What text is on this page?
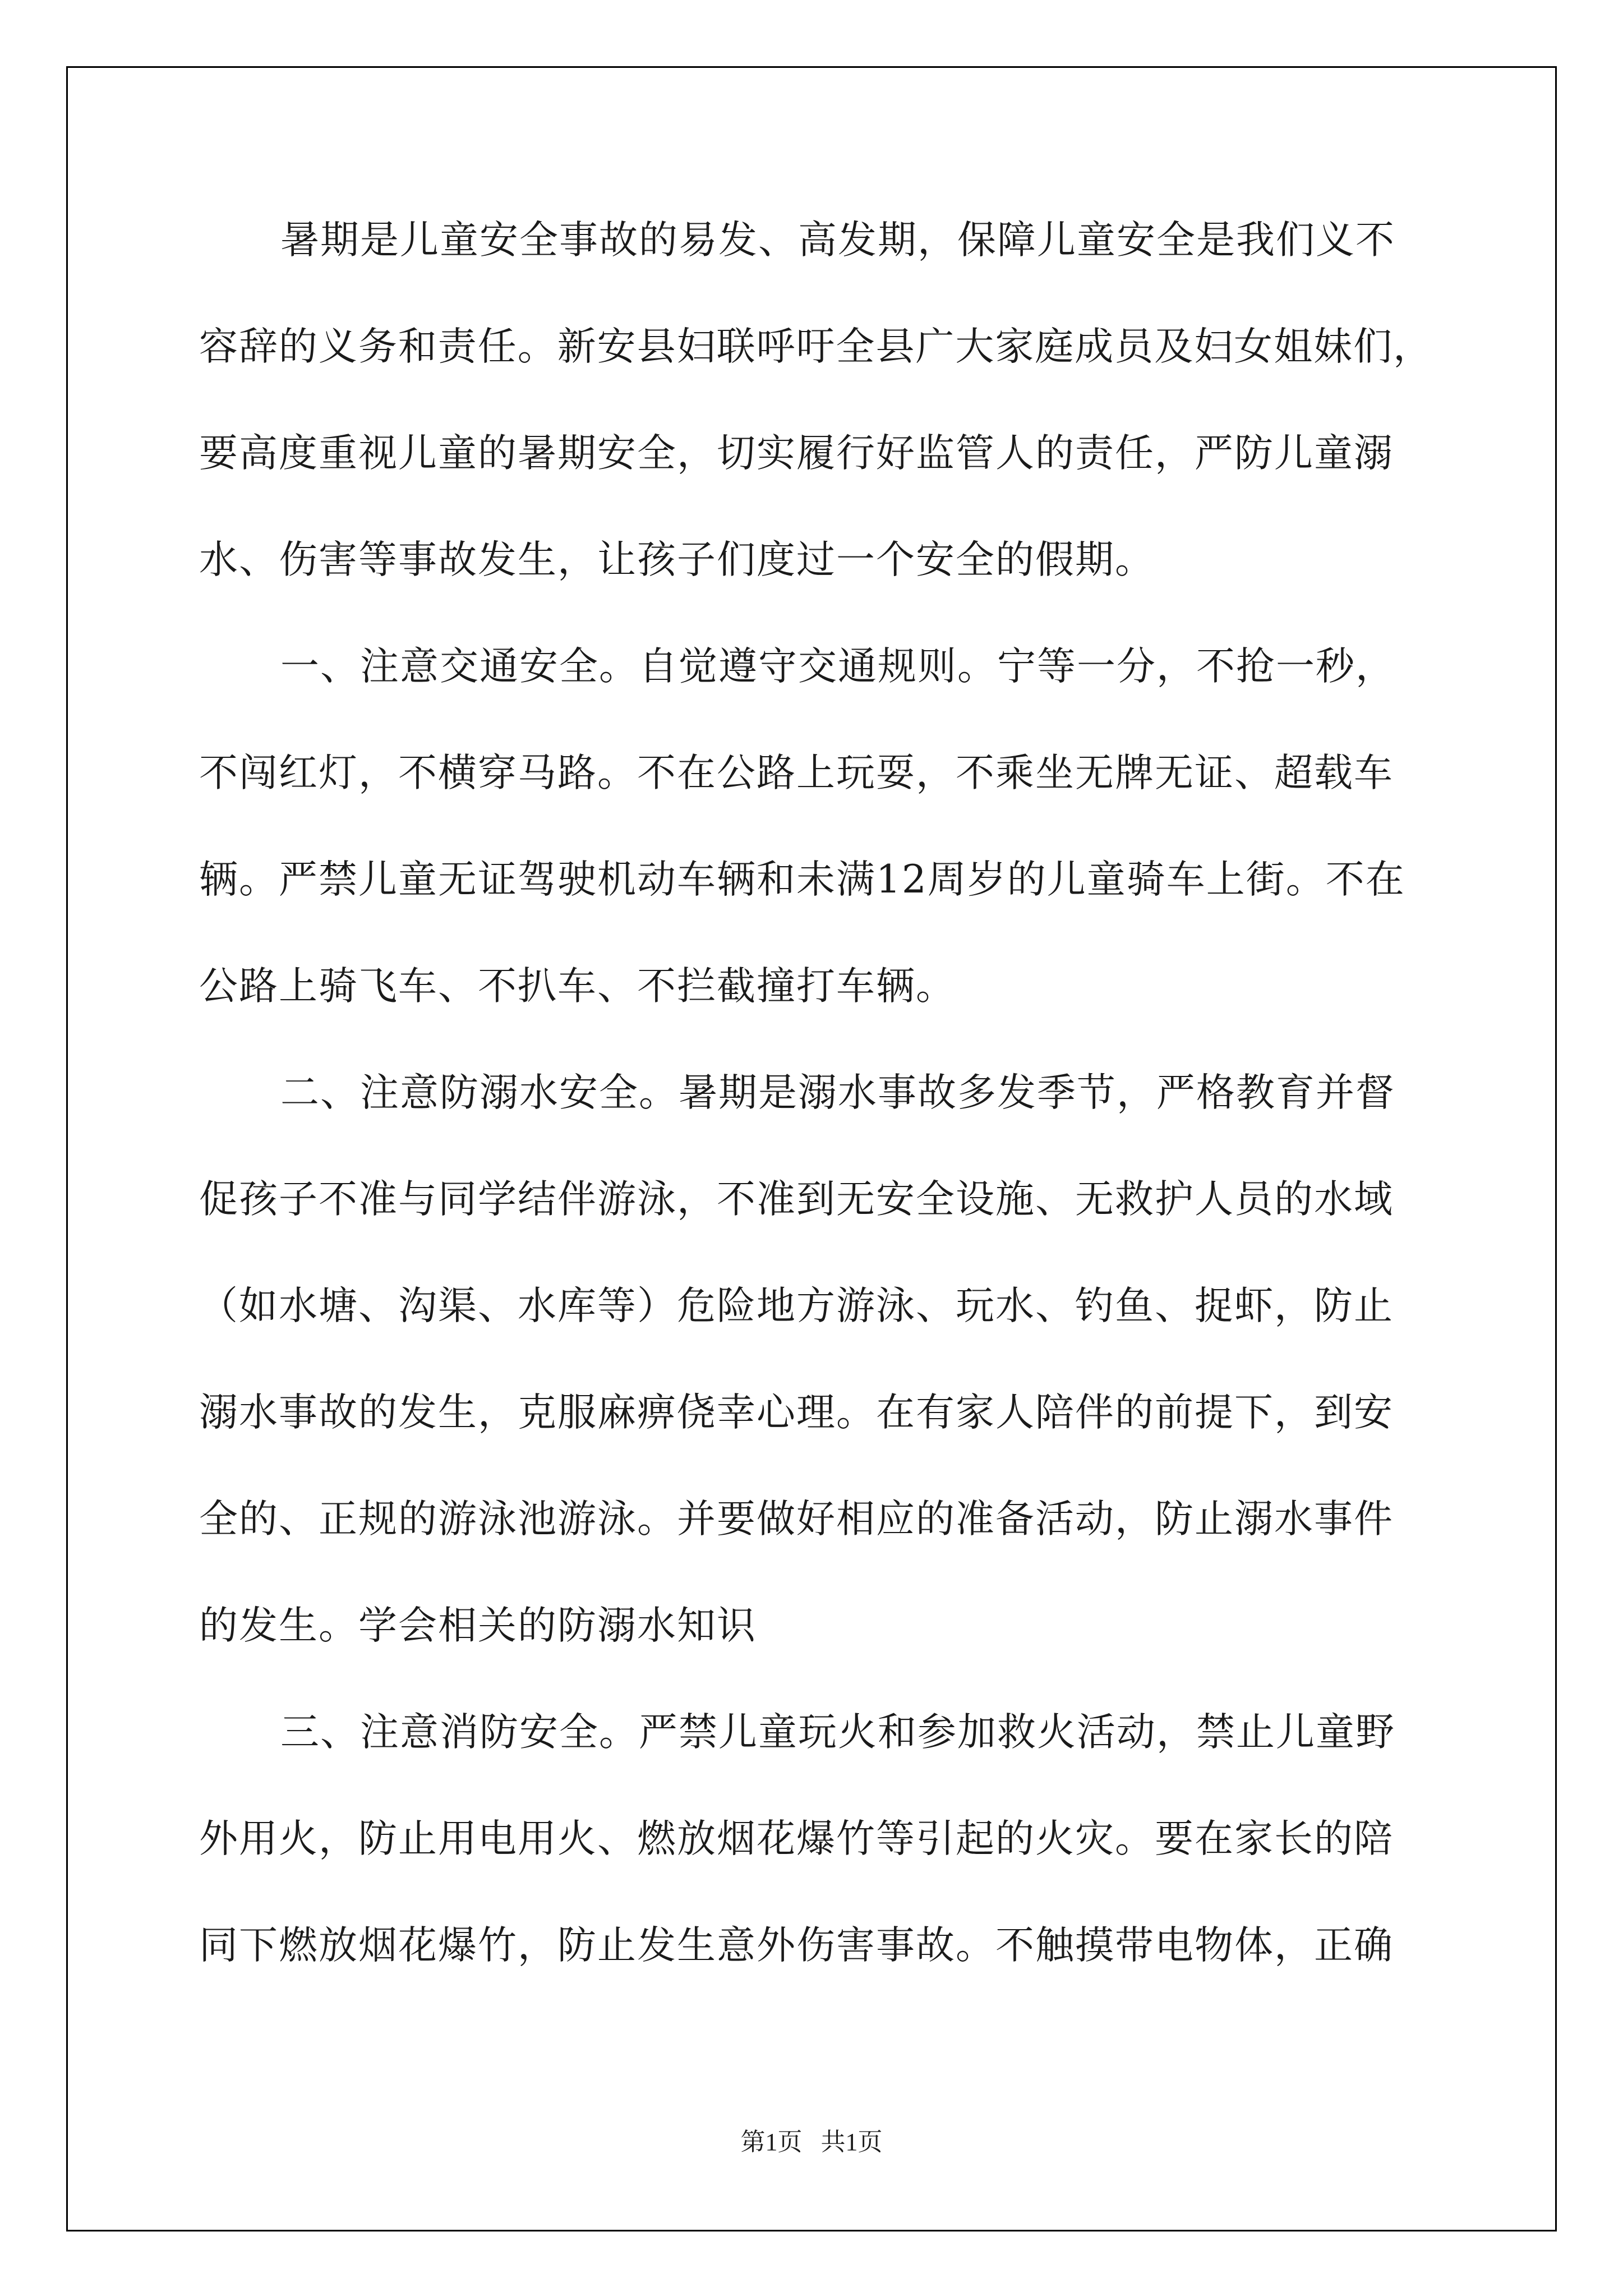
暑期是儿童安全事故的易发、高发期，保障儿童安全是我们义不
容辞的义务和责任。新安县妇联呼吁全县广大家庭成员及妇女姐妹们，
要高度重视儿童的暑期安全，切实履行好监管人的责任，严防儿童溺
水、伤害等事故发生，让孩子们度过一个安全的假期。
一、注意交通安全。自觉遵守交通规则。宁等一分，不抢一秒，
不闯红灯，不横穿马路。不在公路上玩耍，不乘坐无牌无证、超载车
辆。严禁儿童无证驾驶机动车辆和未满12周岁的儿童骑车上街。不在
公路上骑飞车、不扒车、不拦截撞打车辆。
二、注意防溺水安全。暑期是溺水事故多发季节，严格教育并督
促孩子不准与同学结伴游泳，不准到无安全设施、无救护人员的水域
（如水塘、沟渠、水库等）危险地方游泳、玩水、钓鱼、捉虾，防止
溺水事故的发生，克服麻痹侥幸心理。在有家人陪伴的前提下，到安
全的、正规的游泳池游泳。并要做好相应的准备活动，防止溺水事件
的发生。学会相关的防溺水知识
三、注意消防安全。严禁儿童玩火和参加救火活动，禁止儿童野
外用火，防止用电用火、燃放烟花爆竹等引起的火灾。要在家长的陪
同下燃放烟花爆竹，防止发生意外伤害事故。不触摸带电物体，正确
第1页   共1页
